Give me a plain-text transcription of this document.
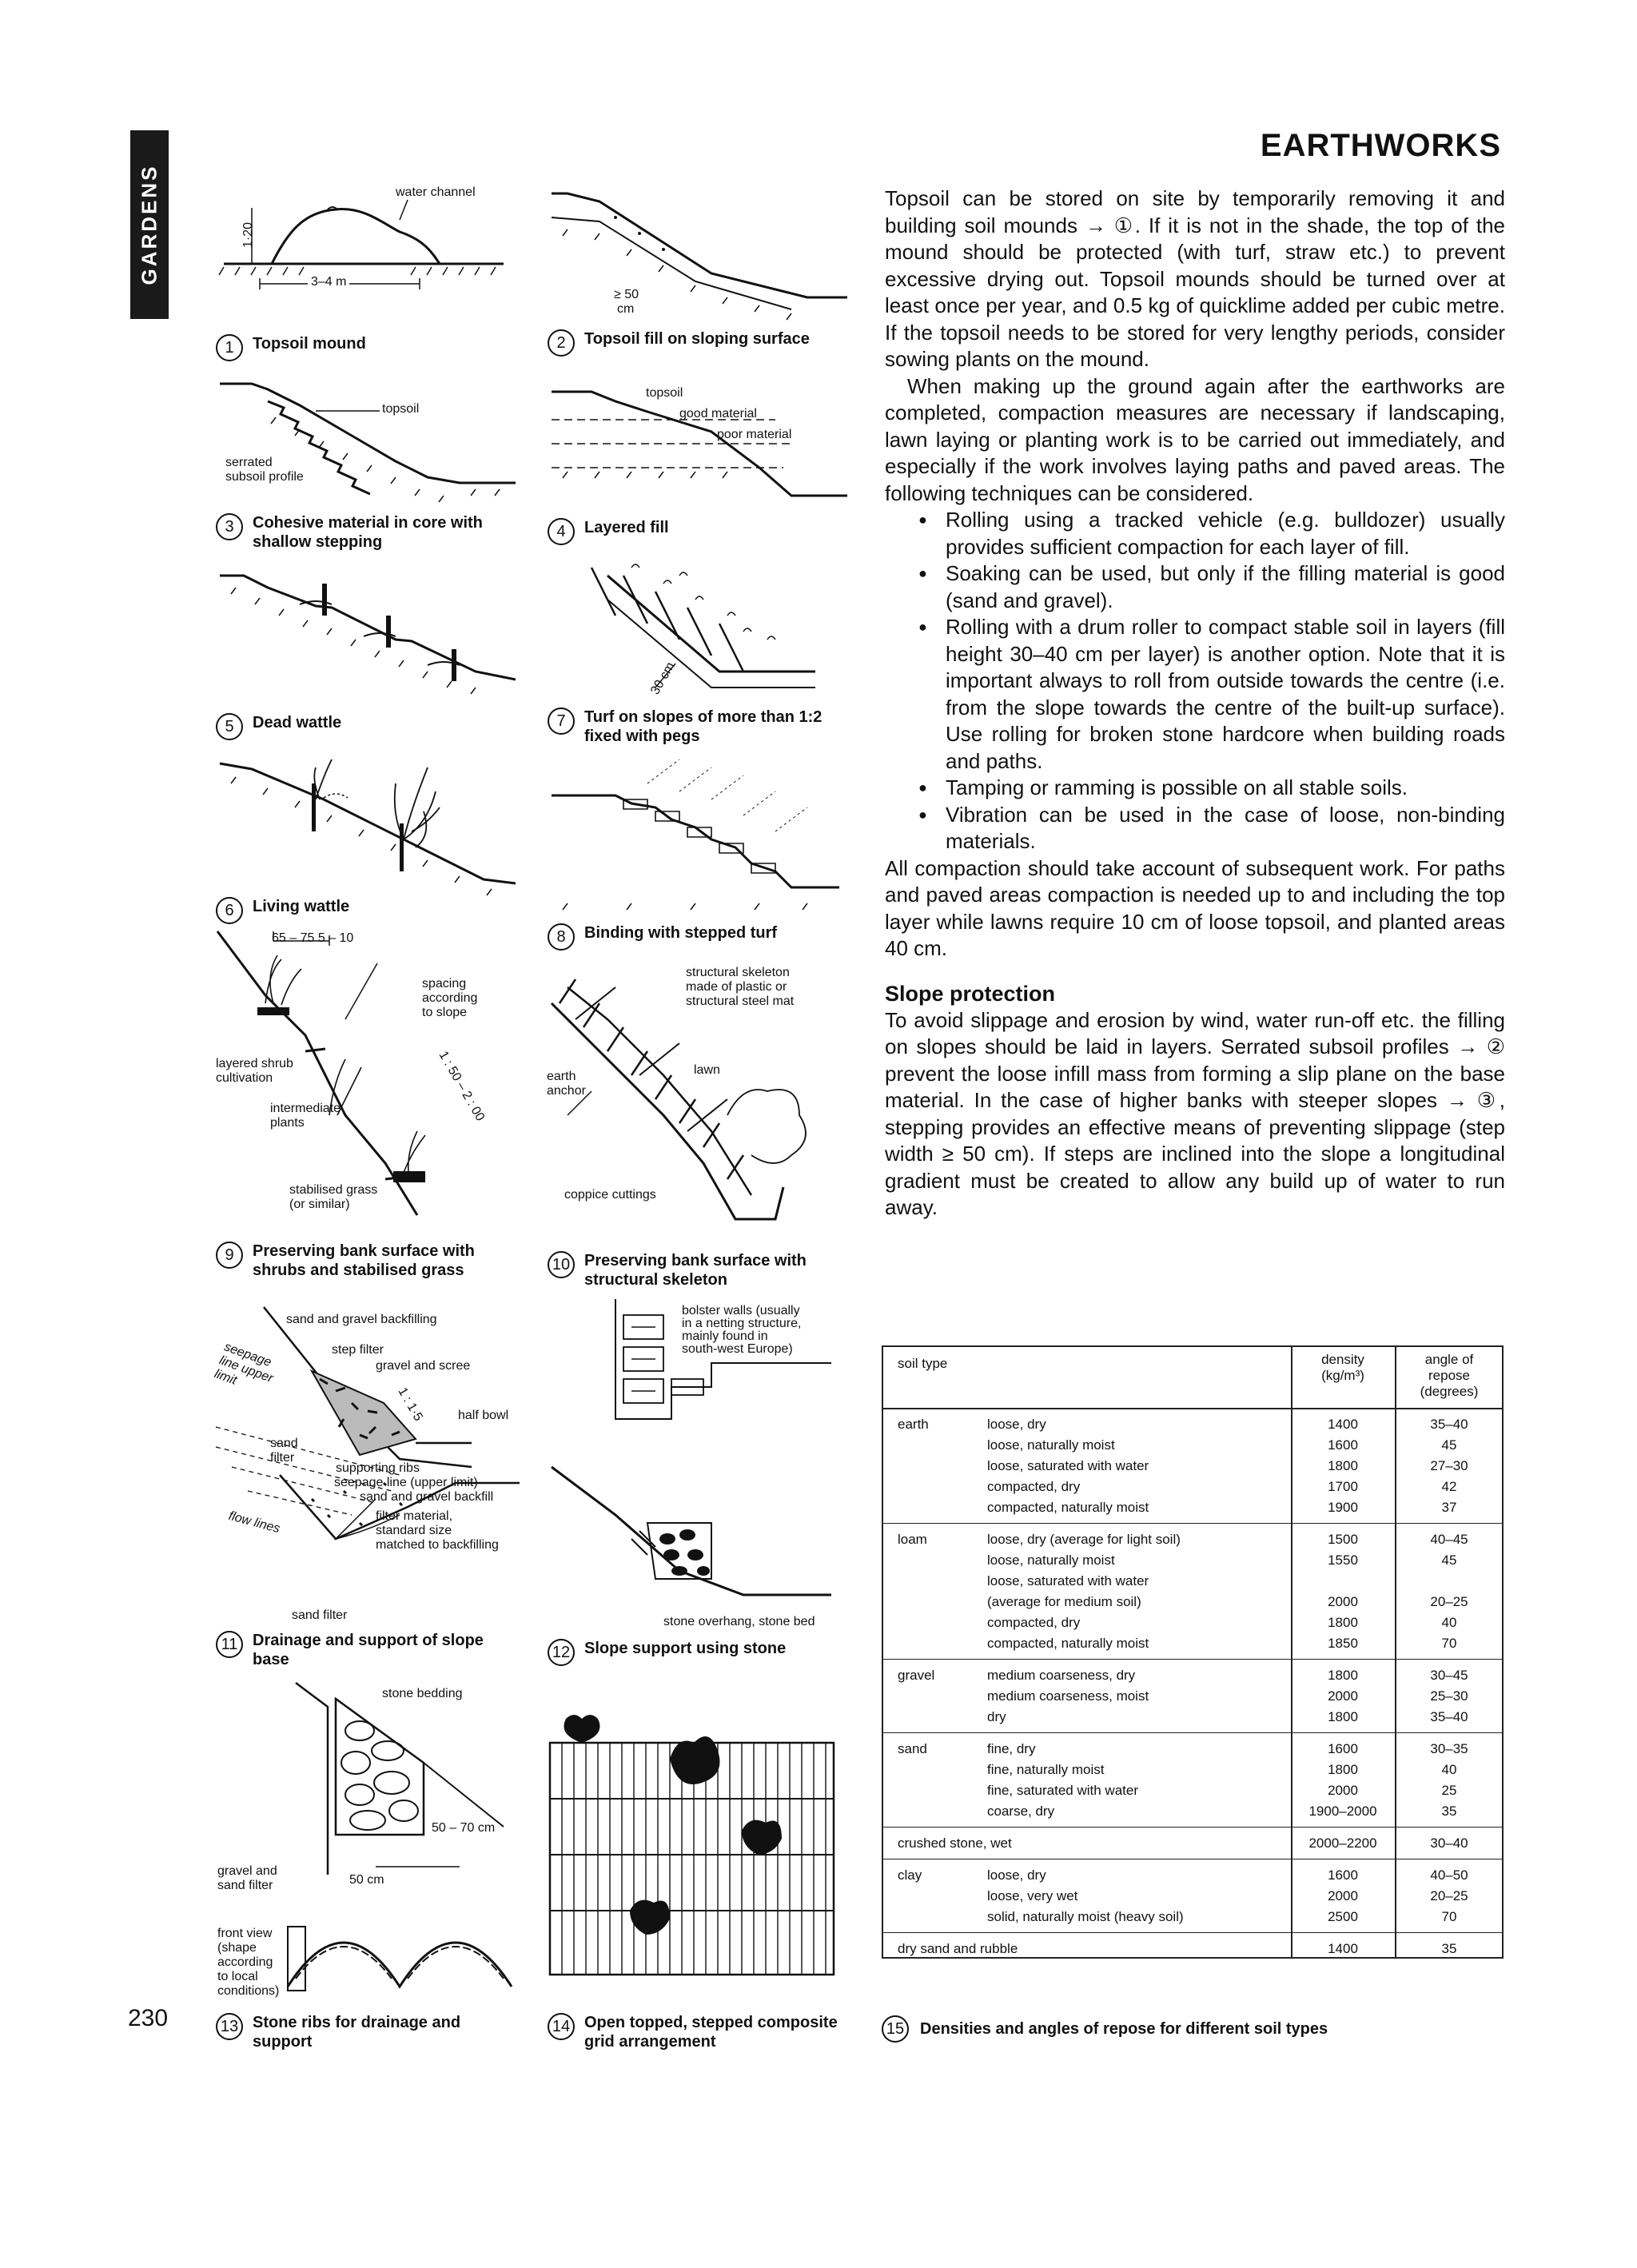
GARDENS
EARTHWORKS
230
water channel
1·20
3–4 m
1	Topsoil mound
topsoil
serrated
subsoil profile
3	Cohesive material in core with shallow stepping
5	Dead wattle
6	Living wattle
65 – 75 5 – 10
spacing
according
to slope
layered shrub
cultivation
intermediate
plants
stabilised grass
(or similar)
1 : 50 – 2 : 00
9	Preserving bank surface with shrubs and stabilised grass
sand and gravel backfilling
step filter
gravel and scree
seepage line upper limit
1 : 1·5	half bowl
sand
filter
supporting ribs
seepage line (upper limit)
sand and gravel backfill
filter material,
standard size
matched to backfilling
flow lines
sand filter
11 Drainage and support of slope base
stone bedding
50 – 70 cm
50 cm
gravel and
sand filter
front view
(shape
according
to local
conditions)
13 Stone ribs for drainage and support
≥ 50
cm
2	Topsoil fill on sloping surface
topsoil
good material
poor material
4	Layered fill
30 cm
7	Turf on slopes of more than 1:2 fixed with pegs
8	Binding with stepped turf
structural skeleton
made of plastic or
structural steel mat
earth
anchor
lawn
coppice cuttings
10 Preserving bank surface with structural skeleton
bolster walls (usually
in a netting structure,
mainly found in
south-west Europe)
stone overhang, stone bed
12 Slope support using stone
14 Open topped, stepped composite grid arrangement

Topsoil can be stored on site by temporarily removing it and building soil mounds → ①. If it is not in the shade, the top of the mound should be protected (with turf, straw etc.) to prevent excessive drying out. Topsoil mounds should be turned over at least once per year, and 0.5 kg of quicklime added per cubic metre. If the topsoil needs to be stored for very lengthy periods, consider sowing plants on the mound.

When making up the ground again after the earthworks are completed, compaction measures are necessary if landscaping, lawn laying or planting work is to be carried out immediately, and especially if the work involves laying paths and paved areas. The following techniques can be considered.

● Rolling using a tracked vehicle (e.g. bulldozer) usually provides sufficient compaction for each layer of fill.
● Soaking can be used, but only if the filling material is good (sand and gravel).
● Rolling with a drum roller to compact stable soil in layers (fill height 30–40 cm per layer) is another option. Note that it is important always to roll from outside towards the centre (i.e. from the slope towards the centre of the built-up surface). Use rolling for broken stone hardcore when building roads and paths.
● Tamping or ramming is possible on all stable soils.
● Vibration can be used in the case of loose, non-binding materials.

All compaction should take account of subsequent work. For paths and paved areas compaction is needed up to and including the top layer while lawns require 10 cm of loose topsoil, and planted areas 40 cm.

Slope protection

To avoid slippage and erosion by wind, water run-off etc. the filling on slopes should be laid in layers. Serrated subsoil profiles → ② prevent the loose infill mass from forming a slip plane on the base material. In the case of higher banks with steeper slopes → ③, stepping provides an effective means of preventing slippage (step width ≥ 50 cm). If steps are inclined into the slope a longitudinal gradient must be created to allow any build up of water to run away.

soil type	density
(kg/m³)
angle of
repose
(degrees)
earth	loose, dry	1400	35–40
loose, naturally moist	1600	45
loose, saturated with water	1800	27–30
compacted, dry	1700	42
compacted, naturally moist	1900	37
loam	loose, dry (average for light soil)	1500	40–45
loose, naturally moist	1550	45
loose, saturated with water
(average for medium soil)	2000	20–25
compacted, dry	1800	40
compacted, naturally moist	1850	70
gravel	medium coarseness, dry	1800	30–45
medium coarseness, moist	2000	25–30
dry	1800	35–40
sand	fine, dry	1600	30–35
fine, naturally moist	1800	40
fine, saturated with water	2000	25
coarse, dry	1900–2000	35
crushed stone, wet	2000–2200	30–40
clay	loose, dry	1600	40–50
loose, very wet	2000	20–25
solid, naturally moist (heavy soil)	2500	70
dry sand and rubble	1400	35
15 Densities and angles of repose for different soil types
